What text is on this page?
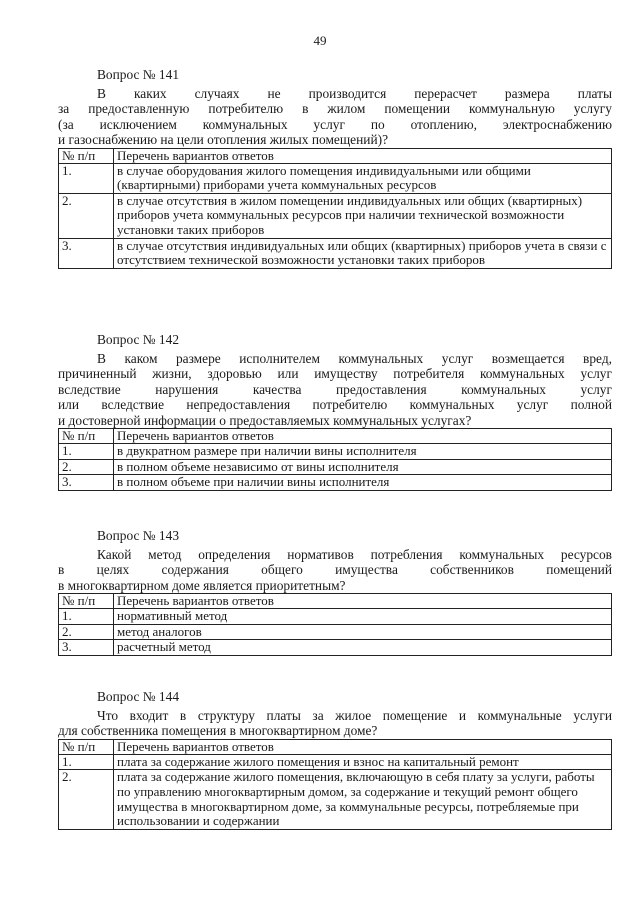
49
Вопрос № 141
В каких случаях не производится перерасчет размера платы
за предоставленную потребителю в жилом помещении коммунальную услугу
(за исключением коммунальных услуг по отоплению, электроснабжению
и газоснабжению на цели отопления жилых помещений)?
№ п/п	Перечень вариантов ответов
1.	в случае оборудования жилого помещения индивидуальными или общими (квартирными) приборами учета коммунальных ресурсов
2.	в случае отсутствия в жилом помещении индивидуальных или общих (квартирных) приборов учета коммунальных ресурсов при наличии технической возможности установки таких приборов
3.	в случае отсутствия индивидуальных или общих (квартирных) приборов учета в связи с отсутствием технической возможности установки таких приборов
Вопрос № 142
В каком размере исполнителем коммунальных услуг возмещается вред,
причиненный жизни, здоровью или имуществу потребителя коммунальных услуг
вследствие нарушения качества предоставления коммунальных услуг
или вследствие непредоставления потребителю коммунальных услуг полной
и достоверной информации о предоставляемых коммунальных услугах?
№ п/п	Перечень вариантов ответов
1.	в двукратном размере при наличии вины исполнителя
2.	в полном объеме независимо от вины исполнителя
3.	в полном объеме при наличии вины исполнителя
Вопрос № 143
Какой метод определения нормативов потребления коммунальных ресурсов
в целях содержания общего имущества собственников помещений
в многоквартирном доме является приоритетным?
№ п/п	Перечень вариантов ответов
1.	нормативный метод
2.	метод аналогов
3.	расчетный метод
Вопрос № 144
Что входит в структуру платы за жилое помещение и коммунальные услуги
для собственника помещения в многоквартирном доме?
№ п/п	Перечень вариантов ответов
1.	плата за содержание жилого помещения и взнос на капитальный ремонт
2.	плата за содержание жилого помещения, включающую в себя плату за услуги, работы по управлению многоквартирным домом, за содержание и текущий ремонт общего имущества в многоквартирном доме, за коммунальные ресурсы, потребляемые при использовании и содержании
